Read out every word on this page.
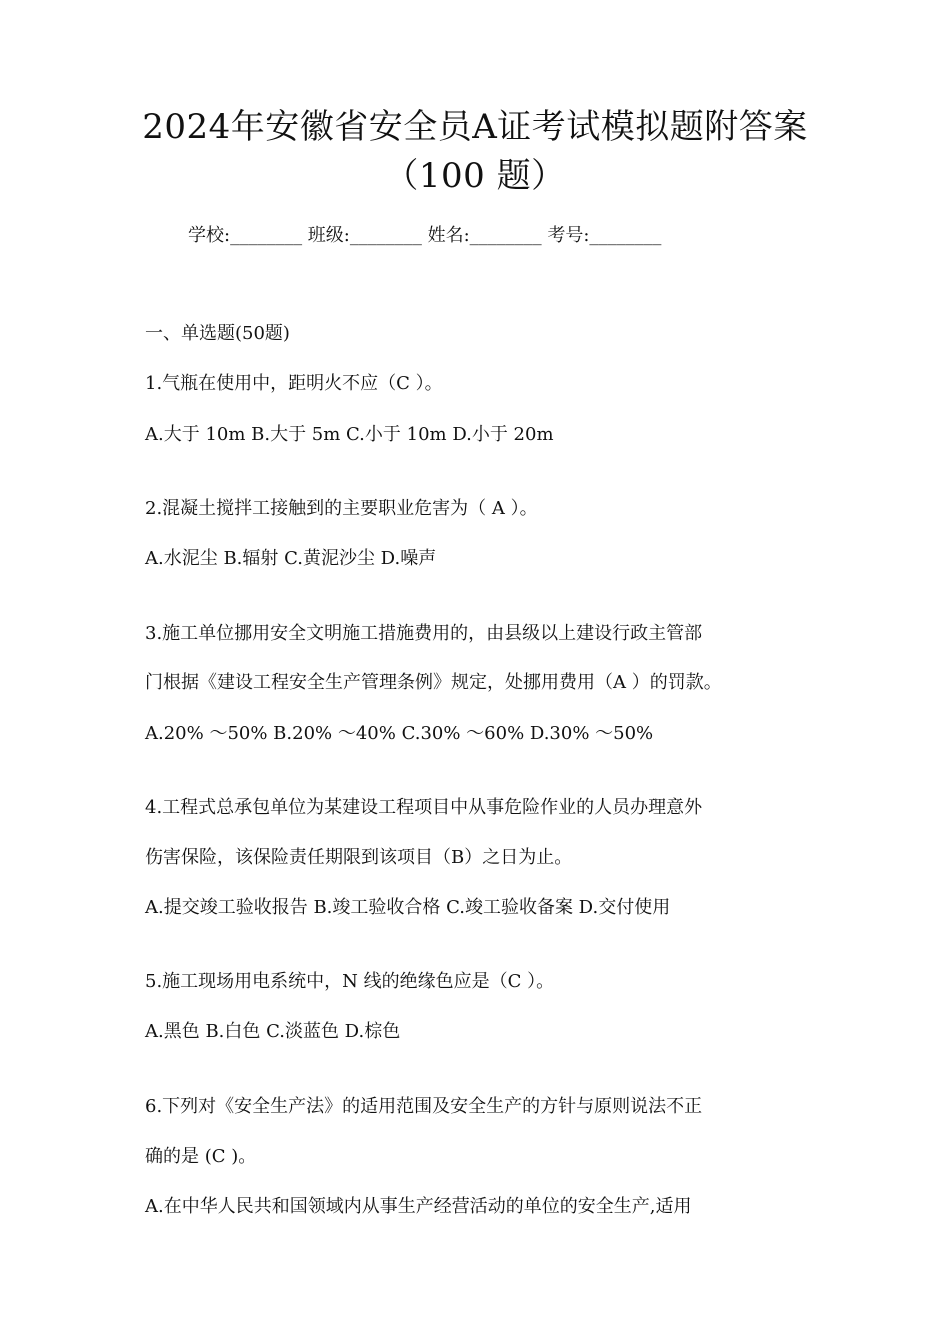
2024年安徽省安全员A证考试模拟题附答案
（100 题）
学校:________ 班级:________ 姓名:________ 考号:________
一、单选题(50题)
1.气瓶在使用中，距明火不应（C ）。
A.大于 10m B.大于 5m C.小于 10m D.小于 20m
2.混凝土搅拌工接触到的主要职业危害为（ A ）。
A.水泥尘 B.辐射 C.黄泥沙尘 D.噪声
3.施工单位挪用安全文明施工措施费用的，由县级以上建设行政主管部
门根据《建设工程安全生产管理条例》规定，处挪用费用（A ）的罚款。
A.20% ～50% B.20% ～40% C.30% ～60% D.30% ～50%
4.工程式总承包单位为某建设工程项目中从事危险作业的人员办理意外
伤害保险，该保险责任期限到该项目（B）之日为止。
A.提交竣工验收报告 B.竣工验收合格 C.竣工验收备案 D.交付使用
5.施工现场用电系统中，N 线的绝缘色应是（C ）。
A.黑色 B.白色 C.淡蓝色 D.棕色
6.下列对《安全生产法》的适用范围及安全生产的方针与原则说法不正
确的是 (C )。
A.在中华人民共和国领域内从事生产经营活动的单位的安全生产,适用
